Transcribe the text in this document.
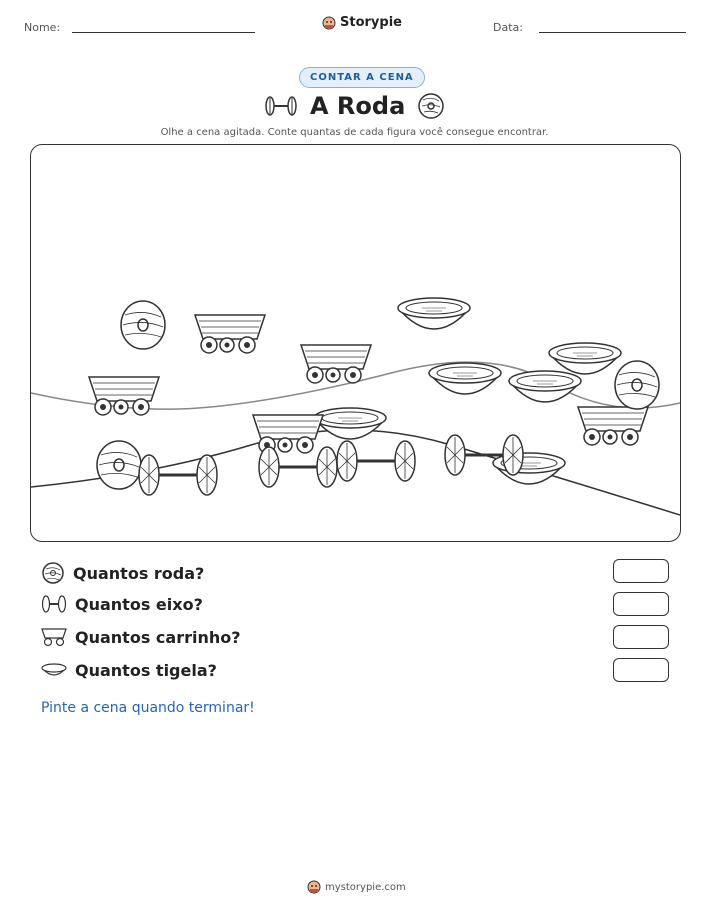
Nome:	Storypie	Data:
CONTAR A CENA
A Roda
Olhe a cena agitada. Conte quantas de cada figura você consegue encontrar.
Quantos roda?
Quantos eixo?
Quantos carrinho?
Quantos tigela?
Pinte a cena quando terminar!
mystorypie.com
